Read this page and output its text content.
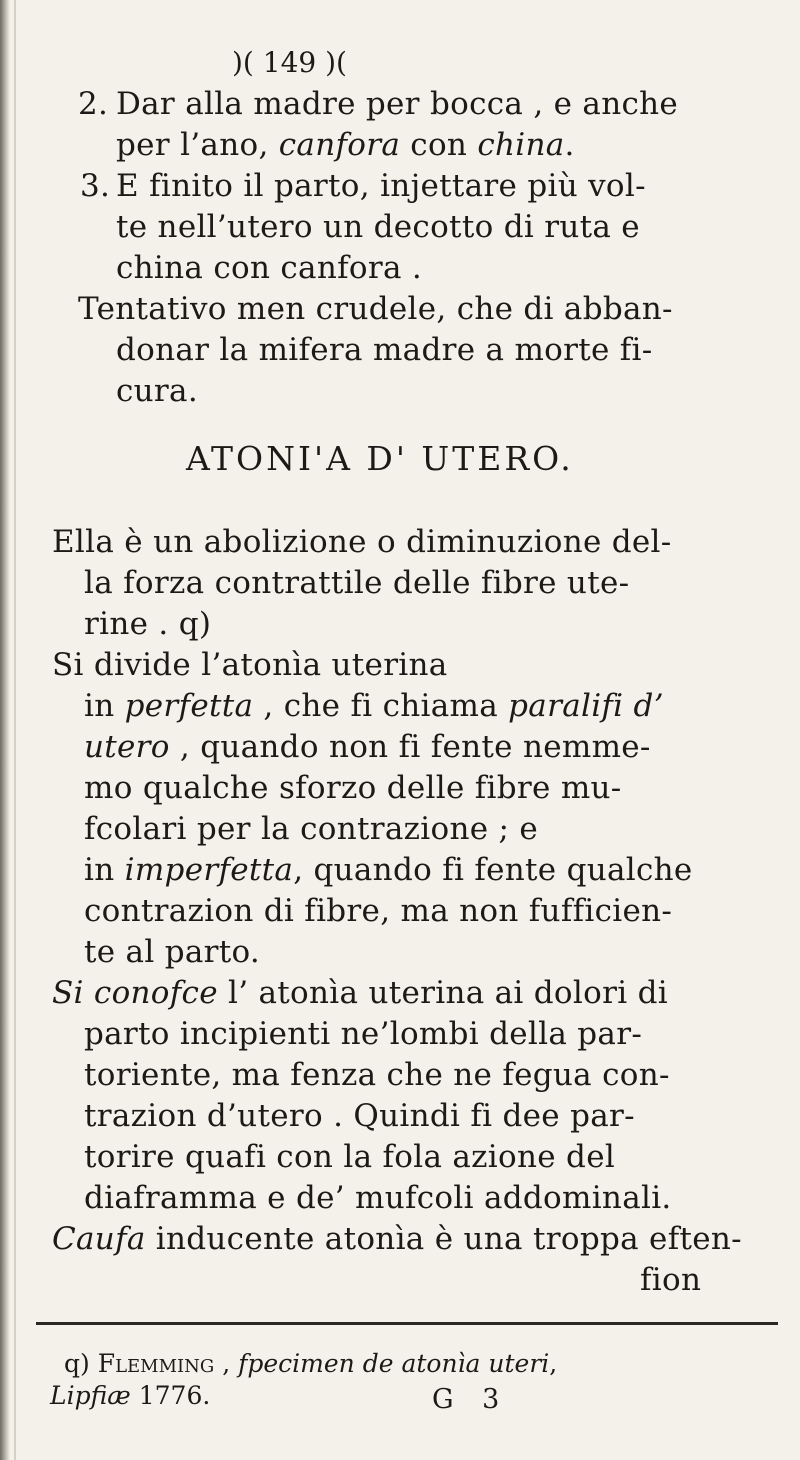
)( 149 )(
2. Dar alla madre per bocca , e anche
per l’ano, canfora con china.
3. E finito il parto, injettare più vol-
te nell’utero un decotto di ruta e
china con canfora .
Tentativo men crudele, che di abban-
donar la mifera madre a morte fi-
cura.
ATONI'A D' UTERO.
Ella è un abolizione o diminuzione del-
la forza contrattile delle fibre ute-
rine . q)
Si divide l’atonìa uterina
in perfetta , che fi chiama paralifi d’
utero , quando non fi fente nemme-
mo qualche sforzo delle fibre mu-
fcolari per la contrazione ; e
in imperfetta, quando fi fente qualche
contrazion di fibre, ma non fufficien-
te al parto.
Si conofce l’ atonìa uterina ai dolori di
parto incipienti ne’lombi della par-
toriente, ma fenza che ne fegua con-
trazion d’utero . Quindi fi dee par-
torire quafi con la fola azione del
diaframma e de’ mufcoli addominali.
Caufa inducente atonìa è una troppa eften-
fion
q) Flemming , fpecimen de atonìa uteri,
Lipfiæ 1776.	G 3
